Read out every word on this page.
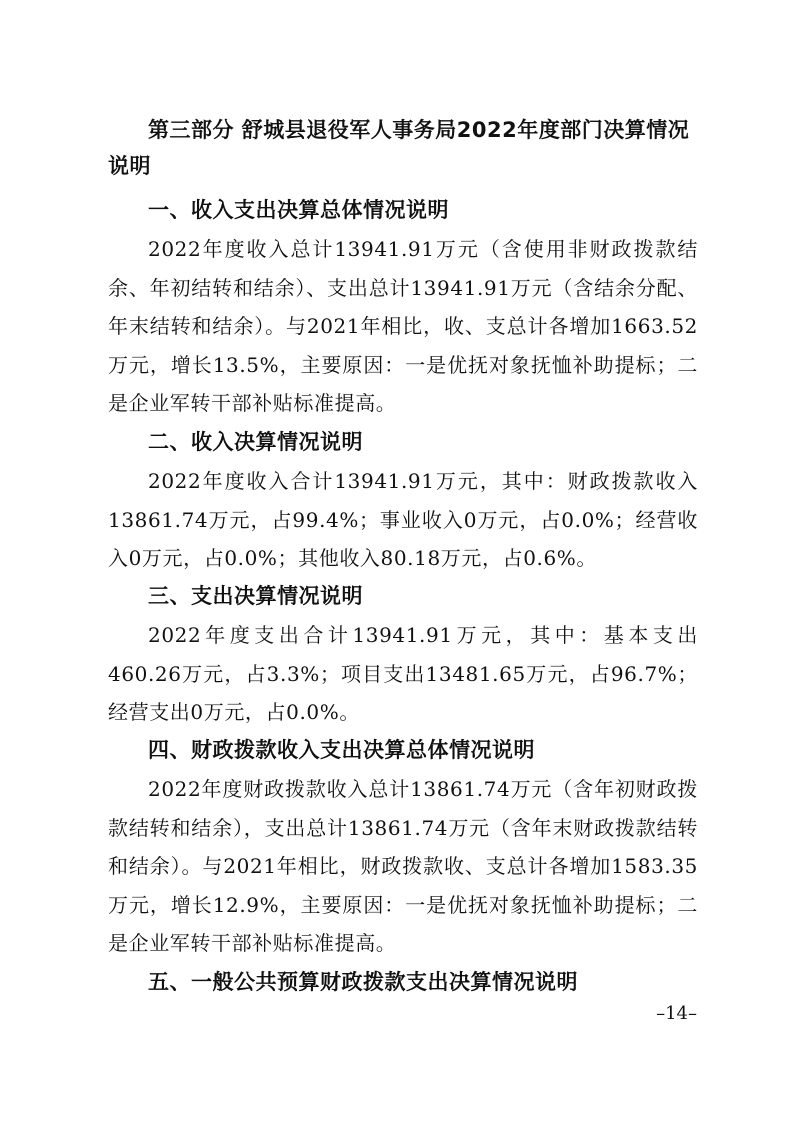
第三部分 舒城县退役军人事务局2022年度部门决算情况说明
一、收入支出决算总体情况说明
2022年度收入总计13941.91万元（含使用非财政拨款结余、年初结转和结余）、支出总计13941.91万元（含结余分配、年末结转和结余）。与2021年相比，收、支总计各增加1663.52万元，增长13.5%，主要原因：一是优抚对象抚恤补助提标；二是企业军转干部补贴标准提高。
二、收入决算情况说明
2022年度收入合计13941.91万元，其中：财政拨款收入13861.74万元，占99.4%；事业收入0万元，占0.0%；经营收入0万元，占0.0%；其他收入80.18万元，占0.6%。
三、支出决算情况说明
2022年度支出合计13941.91万元，其中：基本支出460.26万元，占3.3%；项目支出13481.65万元，占96.7%；经营支出0万元，占0.0%。
四、财政拨款收入支出决算总体情况说明
2022年度财政拨款收入总计13861.74万元（含年初财政拨款结转和结余），支出总计13861.74万元（含年末财政拨款结转和结余）。与2021年相比，财政拨款收、支总计各增加1583.35万元，增长12.9%，主要原因：一是优抚对象抚恤补助提标；二是企业军转干部补贴标准提高。
五、一般公共预算财政拨款支出决算情况说明
–14–
